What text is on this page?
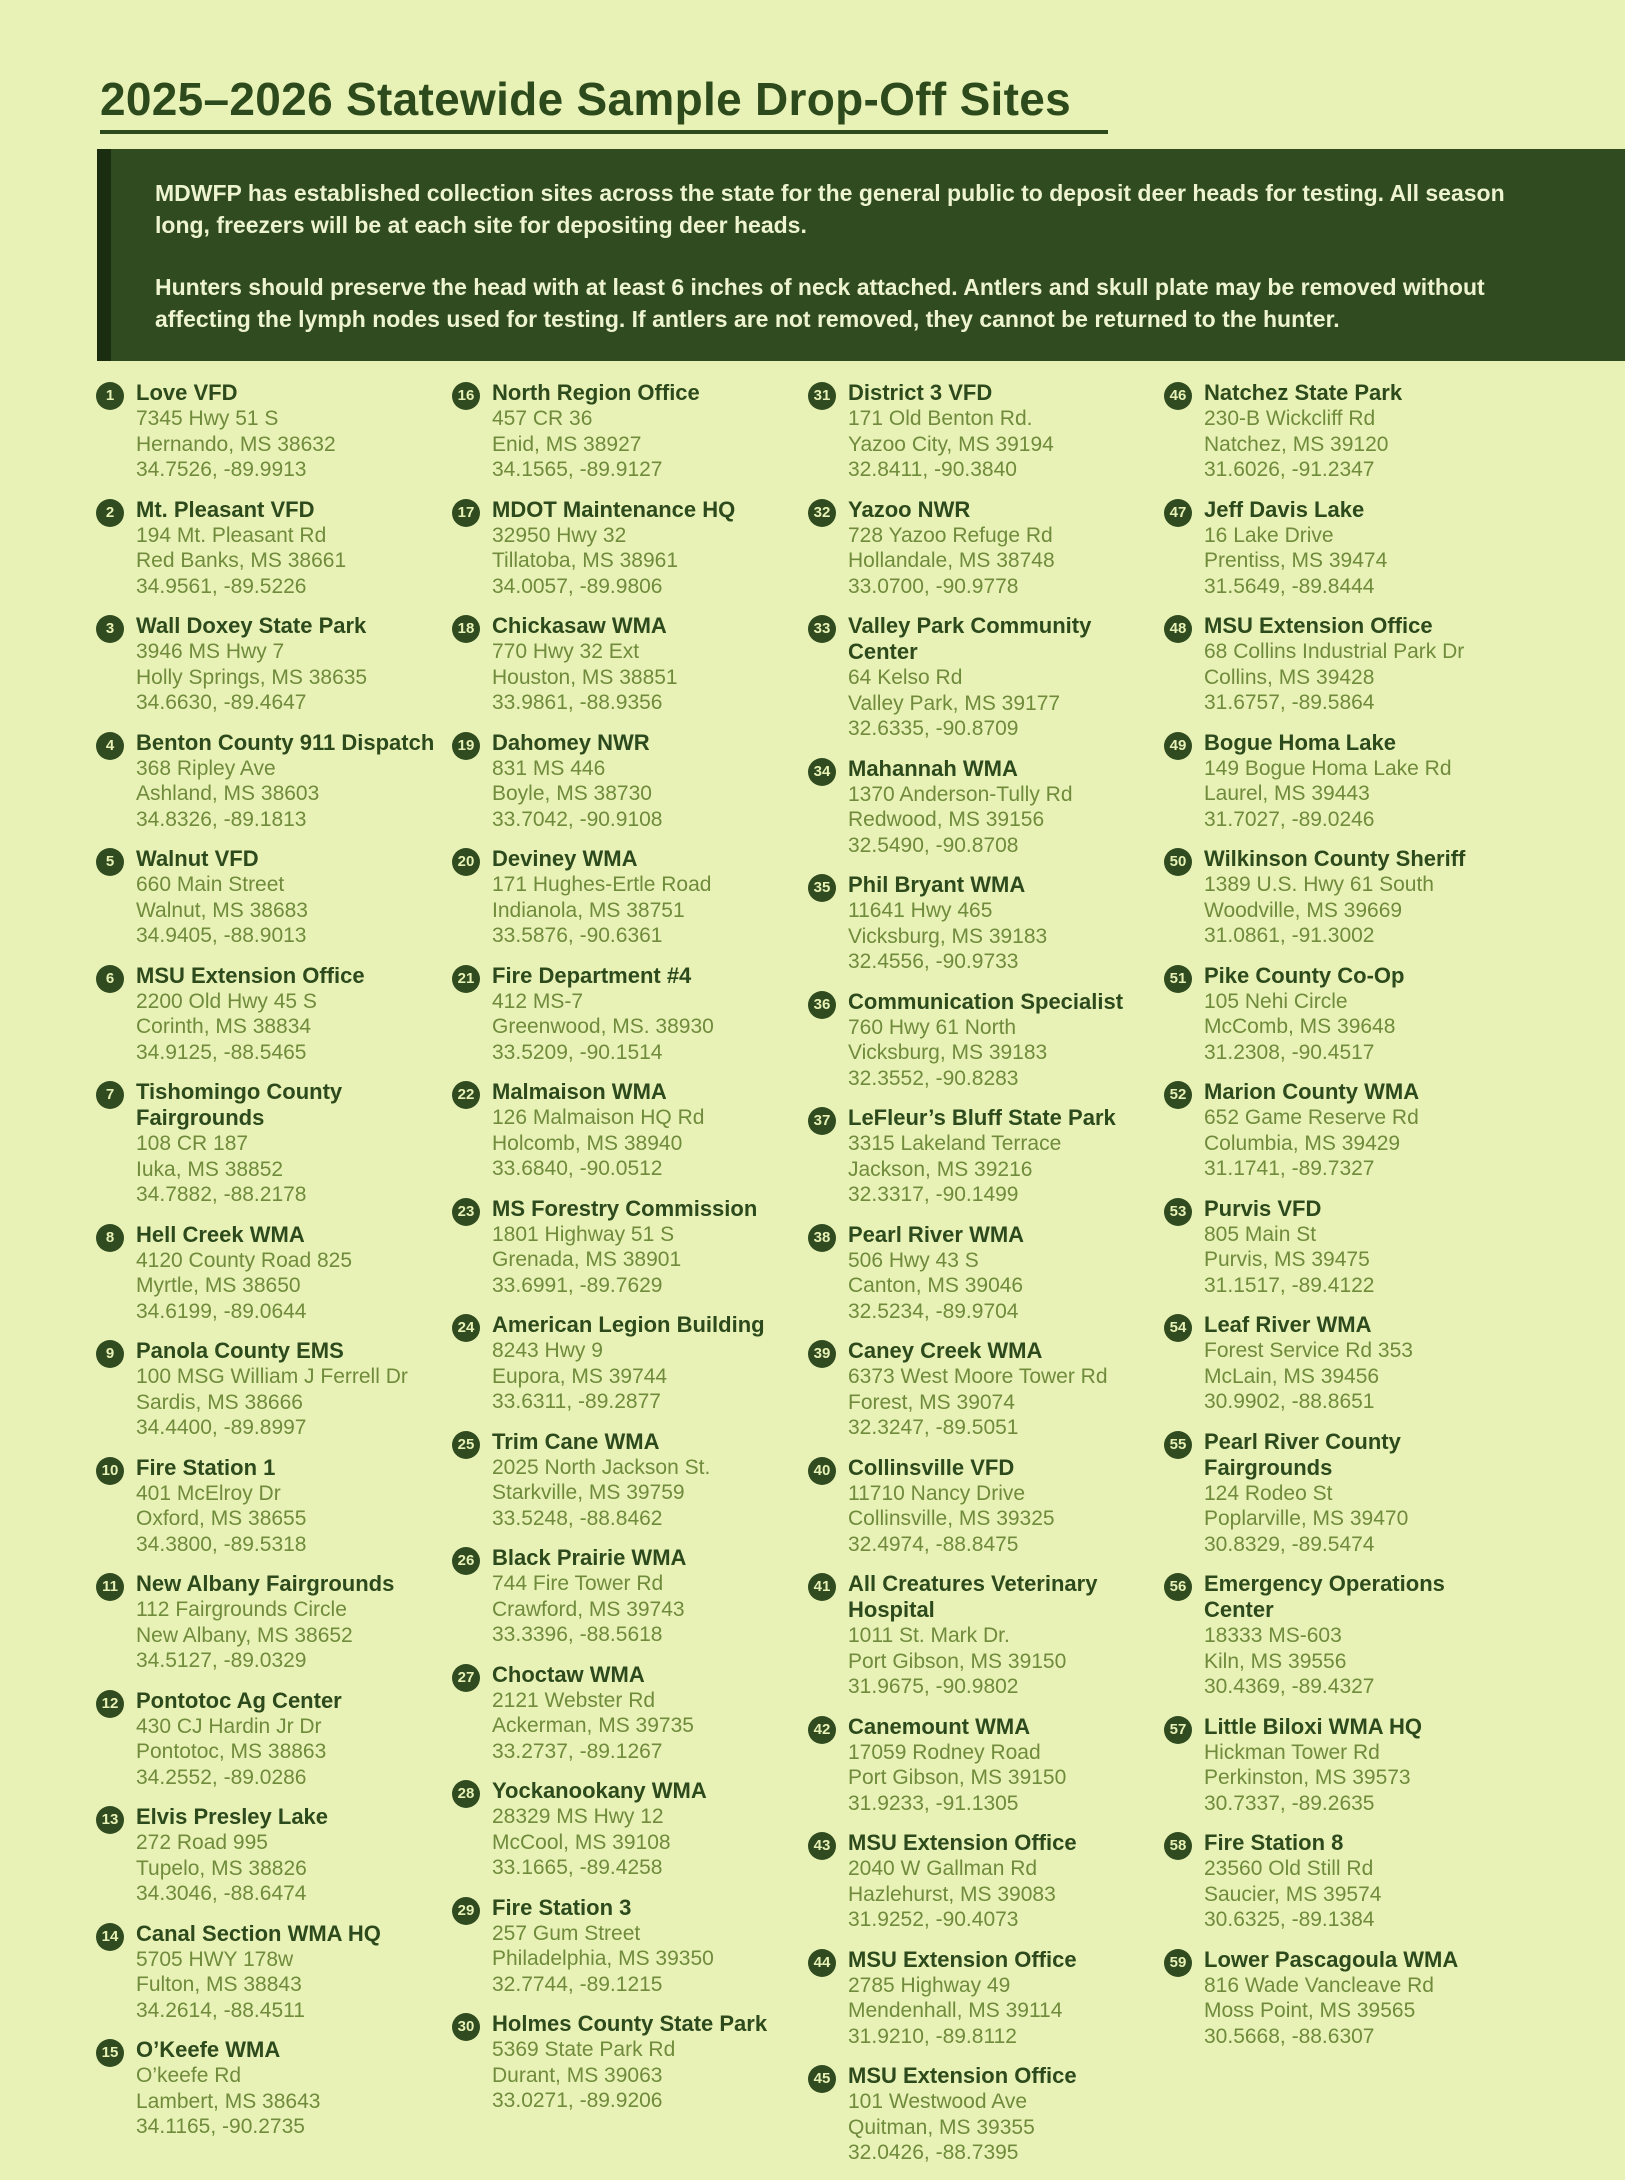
2025–2026 Statewide Sample Drop-Off Sites

MDWFP has established collection sites across the state for the general public to deposit deer heads for testing. All season long, freezers will be at each site for depositing deer heads.

Hunters should preserve the head with at least 6 inches of neck attached. Antlers and skull plate may be removed without affecting the lymph nodes used for testing. If antlers are not removed, they cannot be returned to the hunter.

1 Love VFD
7345 Hwy 51 S
Hernando, MS 38632
34.7526, -89.9913
2 Mt. Pleasant VFD
194 Mt. Pleasant Rd
Red Banks, MS 38661
34.9561, -89.5226
3 Wall Doxey State Park
3946 MS Hwy 7
Holly Springs, MS 38635
34.6630, -89.4647
4 Benton County 911 Dispatch
368 Ripley Ave
Ashland, MS 38603
34.8326, -89.1813
5 Walnut VFD
660 Main Street
Walnut, MS 38683
34.9405, -88.9013
6 MSU Extension Office
2200 Old Hwy 45 S
Corinth, MS 38834
34.9125, -88.5465
7 Tishomingo County Fairgrounds
108 CR 187
Iuka, MS 38852
34.7882, -88.2178
8 Hell Creek WMA
4120 County Road 825
Myrtle, MS 38650
34.6199, -89.0644
9 Panola County EMS
100 MSG William J Ferrell Dr
Sardis, MS 38666
34.4400, -89.8997
10 Fire Station 1
401 McElroy Dr
Oxford, MS 38655
34.3800, -89.5318
11 New Albany Fairgrounds
112 Fairgrounds Circle
New Albany, MS 38652
34.5127, -89.0329
12 Pontotoc Ag Center
430 CJ Hardin Jr Dr
Pontotoc, MS 38863
34.2552, -89.0286
13 Elvis Presley Lake
272 Road 995
Tupelo, MS 38826
34.3046, -88.6474
14 Canal Section WMA HQ
5705 HWY 178w
Fulton, MS 38843
34.2614, -88.4511
15 O’Keefe WMA
O’keefe Rd
Lambert, MS 38643
34.1165, -90.2735
16 North Region Office
457 CR 36
Enid, MS 38927
34.1565, -89.9127
17 MDOT Maintenance HQ
32950 Hwy 32
Tillatoba, MS 38961
34.0057, -89.9806
18 Chickasaw WMA
770 Hwy 32 Ext
Houston, MS 38851
33.9861, -88.9356
19 Dahomey NWR
831 MS 446
Boyle, MS 38730
33.7042, -90.9108
20 Deviney WMA
171 Hughes-Ertle Road
Indianola, MS 38751
33.5876, -90.6361
21 Fire Department #4
412 MS-7
Greenwood, MS. 38930
33.5209, -90.1514
22 Malmaison WMA
126 Malmaison HQ Rd
Holcomb, MS 38940
33.6840, -90.0512
23 MS Forestry Commission
1801 Highway 51 S
Grenada, MS 38901
33.6991, -89.7629
24 American Legion Building
8243 Hwy 9
Eupora, MS 39744
33.6311, -89.2877
25 Trim Cane WMA
2025 North Jackson St.
Starkville, MS 39759
33.5248, -88.8462
26 Black Prairie WMA
744 Fire Tower Rd
Crawford, MS 39743
33.3396, -88.5618
27 Choctaw WMA
2121 Webster Rd
Ackerman, MS 39735
33.2737, -89.1267
28 Yockanookany WMA
28329 MS Hwy 12
McCool, MS 39108
33.1665, -89.4258
29 Fire Station 3
257 Gum Street
Philadelphia, MS 39350
32.7744, -89.1215
30 Holmes County State Park
5369 State Park Rd
Durant, MS 39063
33.0271, -89.9206
31 District 3 VFD
171 Old Benton Rd.
Yazoo City, MS 39194
32.8411, -90.3840
32 Yazoo NWR
728 Yazoo Refuge Rd
Hollandale, MS 38748
33.0700, -90.9778
33 Valley Park Community Center
64 Kelso Rd
Valley Park, MS 39177
32.6335, -90.8709
34 Mahannah WMA
1370 Anderson-Tully Rd
Redwood, MS 39156
32.5490, -90.8708
35 Phil Bryant WMA
11641 Hwy 465
Vicksburg, MS 39183
32.4556, -90.9733
36 Communication Specialist
760 Hwy 61 North
Vicksburg, MS 39183
32.3552, -90.8283
37 LeFleur’s Bluff State Park
3315 Lakeland Terrace
Jackson, MS 39216
32.3317, -90.1499
38 Pearl River WMA
506 Hwy 43 S
Canton, MS 39046
32.5234, -89.9704
39 Caney Creek WMA
6373 West Moore Tower Rd
Forest, MS 39074
32.3247, -89.5051
40 Collinsville VFD
11710 Nancy Drive
Collinsville, MS 39325
32.4974, -88.8475
41 All Creatures Veterinary Hospital
1011 St. Mark Dr.
Port Gibson, MS 39150
31.9675, -90.9802
42 Canemount WMA
17059 Rodney Road
Port Gibson, MS 39150
31.9233, -91.1305
43 MSU Extension Office
2040 W Gallman Rd
Hazlehurst, MS 39083
31.9252, -90.4073
44 MSU Extension Office
2785 Highway 49
Mendenhall, MS 39114
31.9210, -89.8112
45 MSU Extension Office
101 Westwood Ave
Quitman, MS 39355
32.0426, -88.7395
46 Natchez State Park
230-B Wickcliff Rd
Natchez, MS 39120
31.6026, -91.2347
47 Jeff Davis Lake
16 Lake Drive
Prentiss, MS 39474
31.5649, -89.8444
48 MSU Extension Office
68 Collins Industrial Park Dr
Collins, MS 39428
31.6757, -89.5864
49 Bogue Homa Lake
149 Bogue Homa Lake Rd
Laurel, MS 39443
31.7027, -89.0246
50 Wilkinson County Sheriff
1389 U.S. Hwy 61 South
Woodville, MS 39669
31.0861, -91.3002
51 Pike County Co-Op
105 Nehi Circle
McComb, MS 39648
31.2308, -90.4517
52 Marion County WMA
652 Game Reserve Rd
Columbia, MS 39429
31.1741, -89.7327
53 Purvis VFD
805 Main St
Purvis, MS 39475
31.1517, -89.4122
54 Leaf River WMA
Forest Service Rd 353
McLain, MS 39456
30.9902, -88.8651
55 Pearl River County Fairgrounds
124 Rodeo St
Poplarville, MS 39470
30.8329, -89.5474
56 Emergency Operations Center
18333 MS-603
Kiln, MS 39556
30.4369, -89.4327
57 Little Biloxi WMA HQ
Hickman Tower Rd
Perkinston, MS 39573
30.7337, -89.2635
58 Fire Station 8
23560 Old Still Rd
Saucier, MS 39574
30.6325, -89.1384
59 Lower Pascagoula WMA
816 Wade Vancleave Rd
Moss Point, MS 39565
30.5668, -88.6307
